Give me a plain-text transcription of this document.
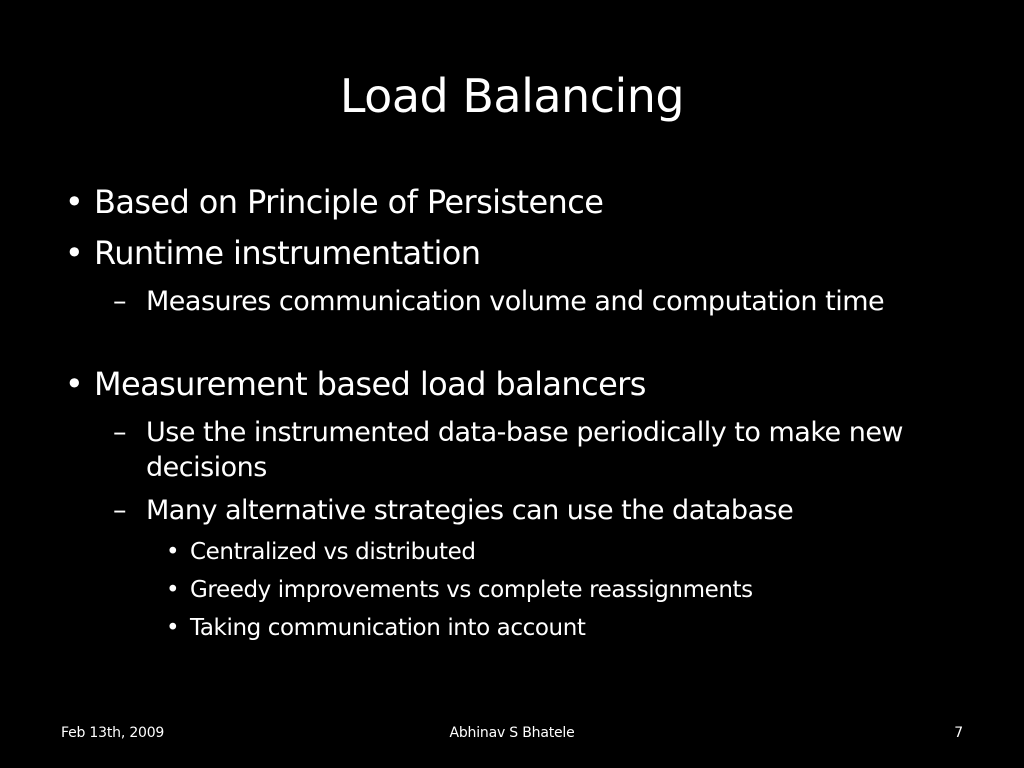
Load Balancing
• Based on Principle of Persistence
• Runtime instrumentation
– Measures communication volume and computation time
• Measurement based load balancers
– Use the instrumented data-base periodically to make new decisions
– Many alternative strategies can use the database
• Centralized vs distributed
• Greedy improvements vs complete reassignments
• Taking communication into account
Feb 13th, 2009	Abhinav S Bhatele	7
